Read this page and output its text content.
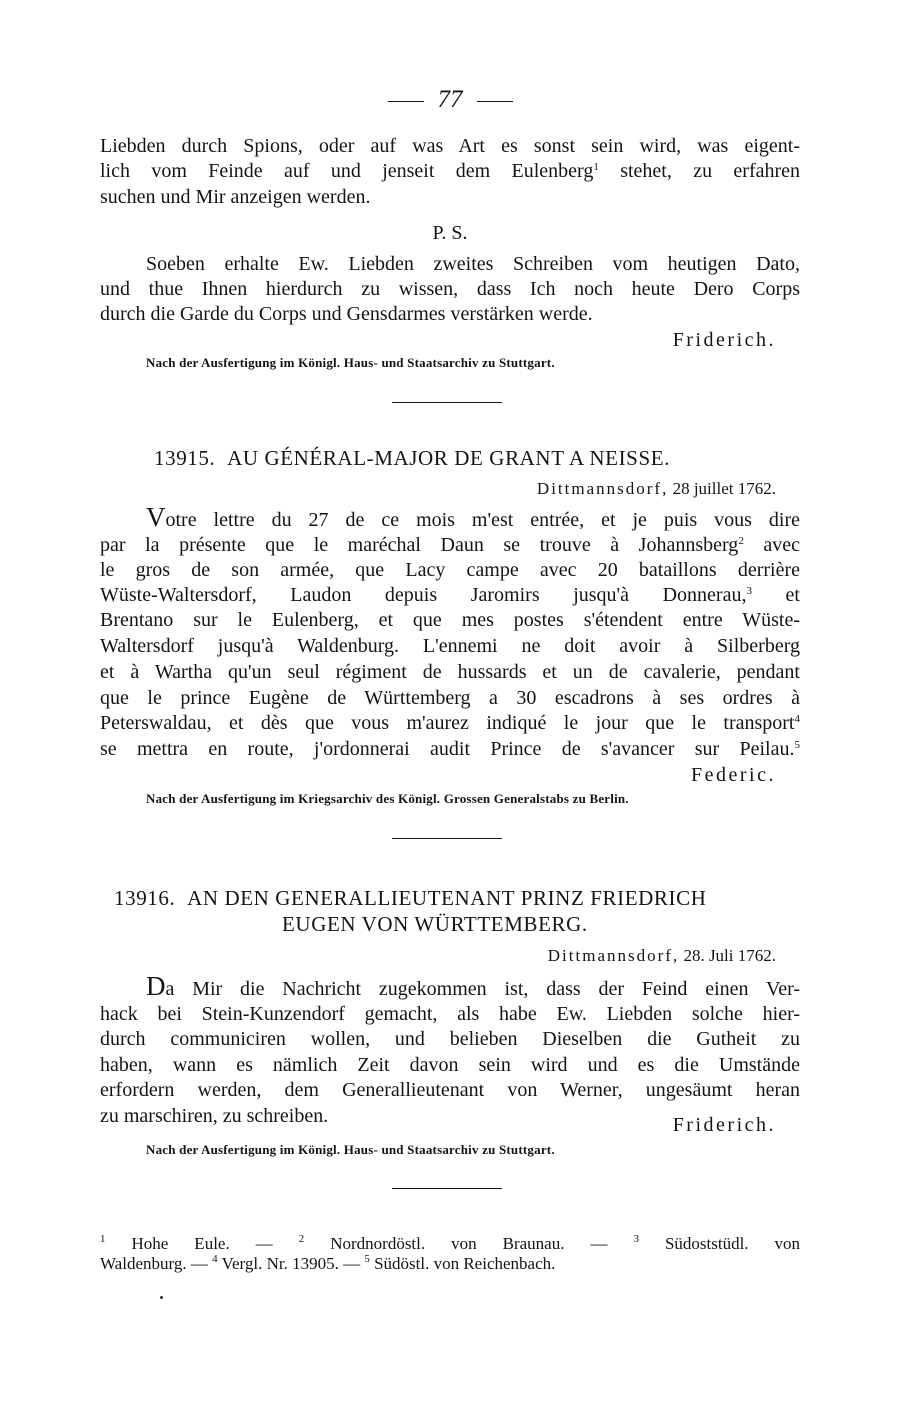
77
Liebden durch Spions, oder auf was Art es sonst sein wird, was eigent-
lich vom Feinde auf und jenseit dem Eulenberg$^1$ stehet, zu erfahren
suchen und Mir anzeigen werden.
P. S.
Soeben erhalte Ew. Liebden zweites Schreiben vom heutigen Dato,
und thue Ihnen hierdurch zu wissen, dass Ich noch heute Dero Corps
durch die Garde du Corps und Gensdarmes verstärken werde.
Friderich.
Nach der Ausfertigung im Königl. Haus- und Staatsarchiv zu Stuttgart.
13915. AU GÉNÉRAL-MAJOR DE GRANT A NEISSE.
Dittmannsdorf, 28 juillet 1762.
Votre lettre du 27 de ce mois m'est entrée, et je puis vous dire
par la présente que le maréchal Daun se trouve à Johannsberg$^2$ avec
le gros de son armée, que Lacy campe avec 20 bataillons derrière
Wüste-Waltersdorf, Laudon depuis Jaromirs jusqu'à Donnerau,$^3$ et
Brentano sur le Eulenberg, et que mes postes s'étendent entre Wüste-
Waltersdorf jusqu'à Waldenburg. L'ennemi ne doit avoir à Silberberg
et à Wartha qu'un seul régiment de hussards et un de cavalerie, pendant
que le prince Eugène de Württemberg a 30 escadrons à ses ordres à
Peterswaldau, et dès que vous m'aurez indiqué le jour que le transport$^4$
se mettra en route, j'ordonnerai audit Prince de s'avancer sur Peilau.$^5$
Federic.
Nach der Ausfertigung im Kriegsarchiv des Königl. Grossen Generalstabs zu Berlin.
13916. AN DEN GENERALLIEUTENANT PRINZ FRIEDRICH
EUGEN VON WÜRTTEMBERG.
Dittmannsdorf, 28. Juli 1762.
Da Mir die Nachricht zugekommen ist, dass der Feind einen Ver-
hack bei Stein-Kunzendorf gemacht, als habe Ew. Liebden solche hier-
durch communiciren wollen, und belieben Dieselben die Gutheit zu
haben, wann es nämlich Zeit davon sein wird und es die Umstände
erfordern werden, dem Generallieutenant von Werner, ungesäumt heran
zu marschiren, zu schreiben.	Friderich.
Nach der Ausfertigung im Königl. Haus- und Staatsarchiv zu Stuttgart.
$^1$ Hohe Eule. — $^2$ Nordnordöstl. von Braunau. — $^3$ Südoststüdl. von
Waldenburg. — $^4$ Vergl. Nr. 13905. — $^5$ Südöstl. von Reichenbach.
